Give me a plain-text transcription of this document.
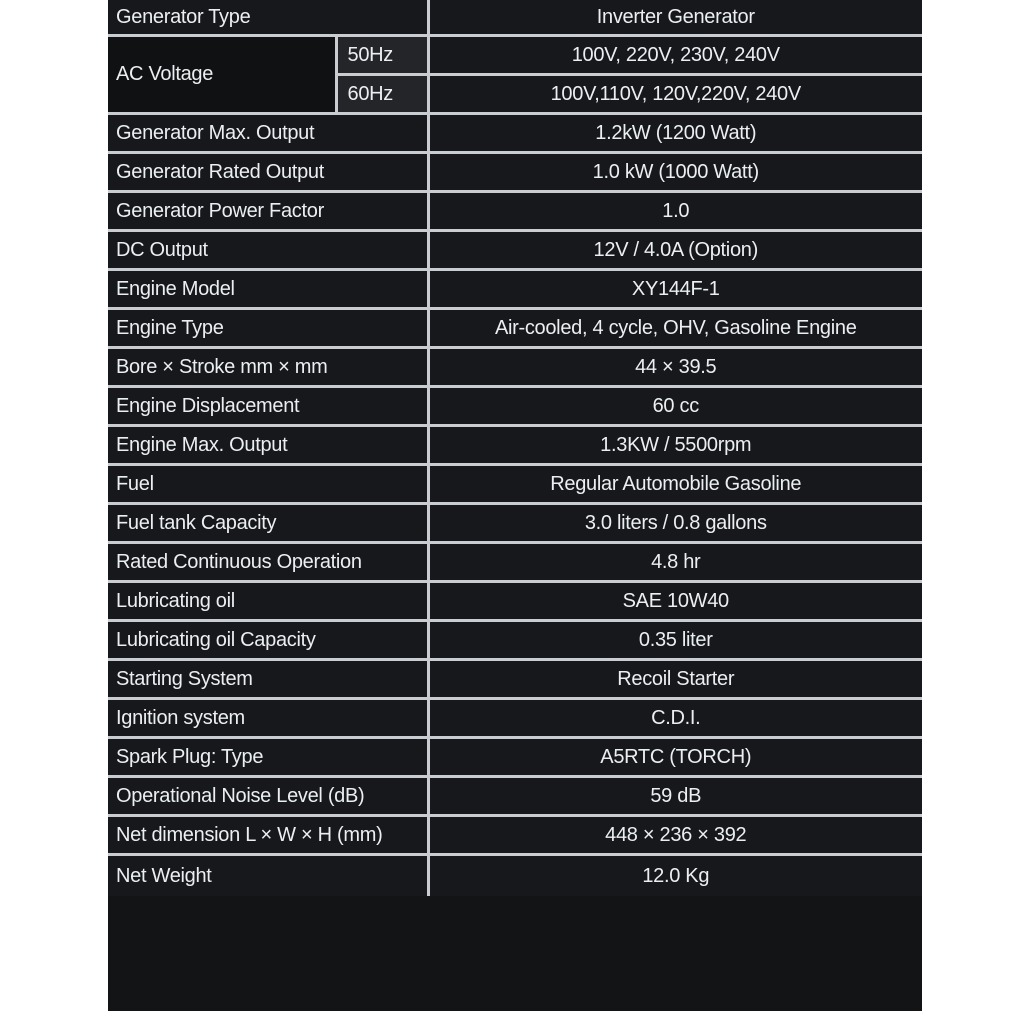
Generator Type		Inverter Generator
AC Voltage	50Hz	100V, 220V, 230V, 240V
	60Hz	100V,110V, 120V,220V, 240V
Generator Max. Output		1.2kW (1200 Watt)
Generator Rated Output		1.0 kW (1000 Watt)
Generator Power Factor		1.0
DC Output		12V / 4.0A (Option)
Engine Model		XY144F-1
Engine Type		Air-cooled, 4 cycle, OHV, Gasoline Engine
Bore × Stroke mm × mm		44 × 39.5
Engine Displacement		60 cc
Engine Max. Output		1.3KW / 5500rpm
Fuel		Regular Automobile Gasoline
Fuel tank Capacity		3.0 liters / 0.8 gallons
Rated Continuous Operation		4.8 hr
Lubricating oil		SAE 10W40
Lubricating oil Capacity		0.35 liter
Starting System		Recoil Starter
Ignition system		C.D.I.
Spark Plug: Type		A5RTC (TORCH)
Operational Noise Level (dB)		59 dB
Net dimension L × W × H (mm)		448 × 236 × 392
Net Weight		12.0 Kg
